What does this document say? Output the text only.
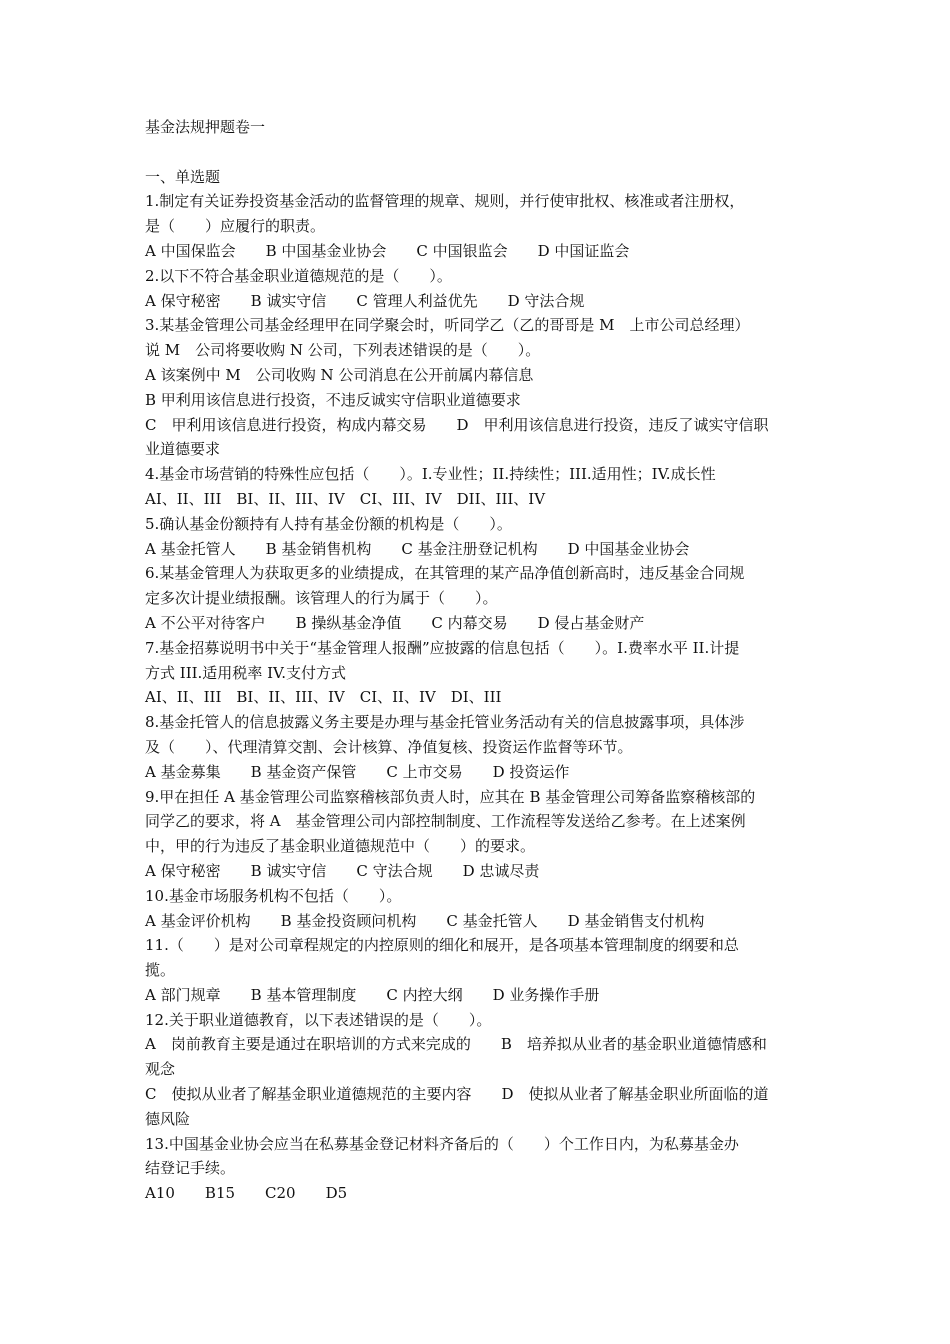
基金法规押题卷一
一、单选题
1.制定有关证券投资基金活动的监督管理的规章、规则，并行使审批权、核准或者注册权，
是（　　）应履行的职责。
A 中国保监会　　B 中国基金业协会　　C 中国银监会　　D 中国证监会
2.以下不符合基金职业道德规范的是（　　）。
A 保守秘密　　B 诚实守信　　C 管理人利益优先　　D 守法合规
3.某基金管理公司基金经理甲在同学聚会时，听同学乙（乙的哥哥是 M　上市公司总经理）
说 M　公司将要收购 N 公司，下列表述错误的是（　　）。
A 该案例中 M　公司收购 N 公司消息在公开前属内幕信息
B 甲利用该信息进行投资，不违反诚实守信职业道德要求
C　甲利用该信息进行投资，构成内幕交易　　D　甲利用该信息进行投资，违反了诚实守信职
业道德要求
4.基金市场营销的特殊性应包括（　　）。I.专业性；II.持续性；III.适用性；IV.成长性
AI、II、III　BI、II、III、IV　CI、III、IV　DII、III、IV
5.确认基金份额持有人持有基金份额的机构是（　　）。
A 基金托管人　　B 基金销售机构　　C 基金注册登记机构　　D 中国基金业协会
6.某基金管理人为获取更多的业绩提成，在其管理的某产品净值创新高时，违反基金合同规
定多次计提业绩报酬。该管理人的行为属于（　　）。
A 不公平对待客户　　B 操纵基金净值　　C 内幕交易　　D 侵占基金财产
7.基金招募说明书中关于“基金管理人报酬”应披露的信息包括（　　）。I.费率水平 II.计提
方式 III.适用税率 IV.支付方式
AI、II、III　BI、II、III、IV　CI、II、IV　DI、III
8.基金托管人的信息披露义务主要是办理与基金托管业务活动有关的信息披露事项，具体涉
及（　　）、代理清算交割、会计核算、净值复核、投资运作监督等环节。
A 基金募集　　B 基金资产保管　　C 上市交易　　D 投资运作
9.甲在担任 A 基金管理公司监察稽核部负责人时，应其在 B 基金管理公司筹备监察稽核部的
同学乙的要求，将 A　基金管理公司内部控制制度、工作流程等发送给乙参考。在上述案例
中，甲的行为违反了基金职业道德规范中（　　）的要求。
A 保守秘密　　B 诚实守信　　C 守法合规　　D 忠诚尽责
10.基金市场服务机构不包括（　　）。
A 基金评价机构　　B 基金投资顾问机构　　C 基金托管人　　D 基金销售支付机构
11.（　　）是对公司章程规定的内控原则的细化和展开，是各项基本管理制度的纲要和总
揽。
A 部门规章　　B 基本管理制度　　C 内控大纲　　D 业务操作手册
12.关于职业道德教育，以下表述错误的是（　　）。
A　岗前教育主要是通过在职培训的方式来完成的　　B　培养拟从业者的基金职业道德情感和
观念
C　使拟从业者了解基金职业道德规范的主要内容　　D　使拟从业者了解基金职业所面临的道
德风险
13.中国基金业协会应当在私募基金登记材料齐备后的（　　）个工作日内，为私募基金办
结登记手续。
A10　　B15　　C20　　D5
